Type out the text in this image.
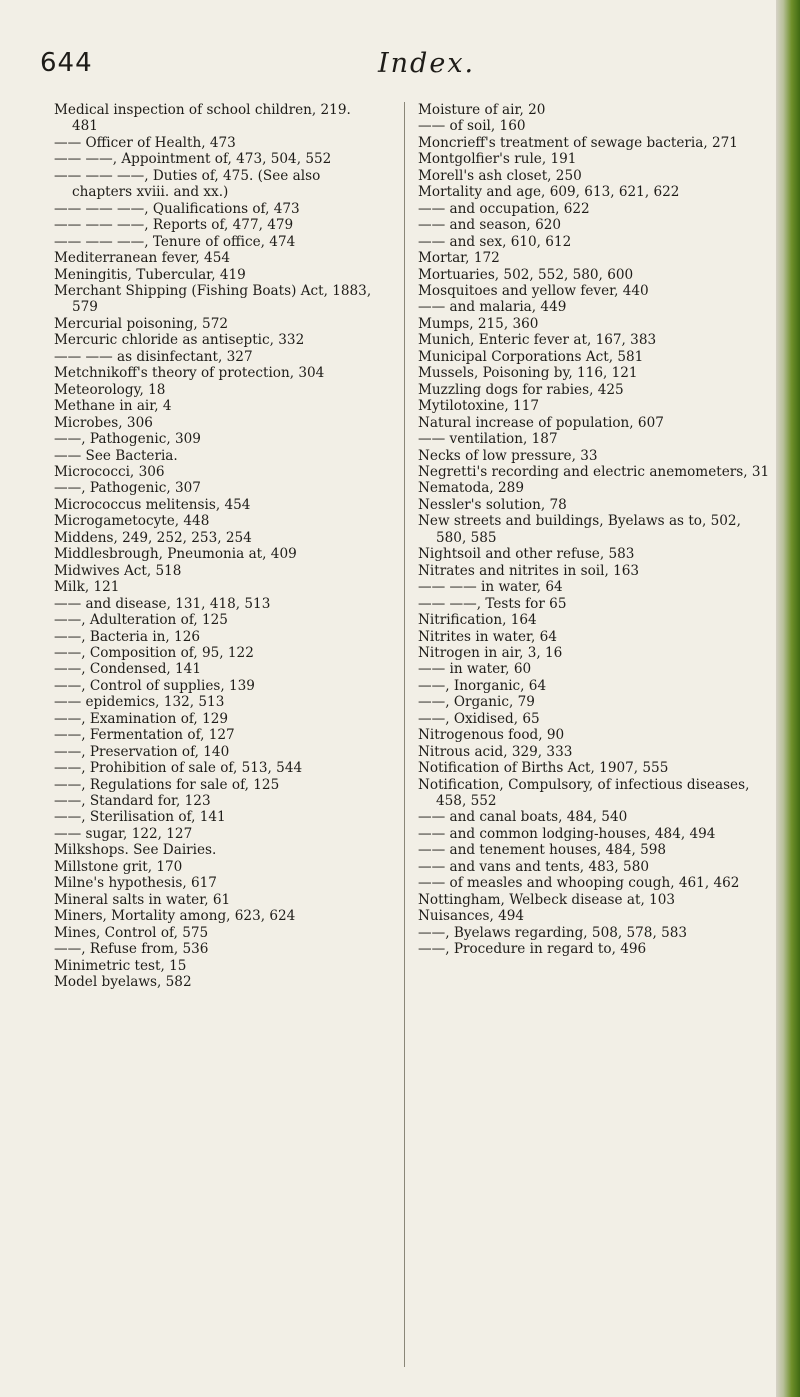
644	Index.

Medical inspection of school children, 219. 481

—— Officer of Health, 473

—— ——, Appointment of, 473, 504, 552

—— —— ——, Duties of, 475. (See also chapters xviii. and xx.)

—— —— ——, Qualifications of, 473

—— —— ——, Reports of, 477, 479

—— —— ——, Tenure of office, 474

Mediterranean fever, 454

Meningitis, Tubercular, 419

Merchant Shipping (Fishing Boats) Act, 1883, 579

Mercurial poisoning, 572

Mercuric chloride as antiseptic, 332

—— —— as disinfectant, 327

Metchnikoff's theory of protection, 304

Meteorology, 18

Methane in air, 4

Microbes, 306

——, Pathogenic, 309

—— See Bacteria.

Micrococci, 306

——, Pathogenic, 307

Micrococcus melitensis, 454

Microgametocyte, 448

Middens, 249, 252, 253, 254

Middlesbrough, Pneumonia at, 409

Midwives Act, 518

Milk, 121

—— and disease, 131, 418, 513

——, Adulteration of, 125

——, Bacteria in, 126

——, Composition of, 95, 122

——, Condensed, 141

——, Control of supplies, 139

—— epidemics, 132, 513

——, Examination of, 129

——, Fermentation of, 127

——, Preservation of, 140

——, Prohibition of sale of, 513, 544

——, Regulations for sale of, 125

——, Standard for, 123

——, Sterilisation of, 141

—— sugar, 122, 127

Milkshops. See Dairies.

Millstone grit, 170

Milne's hypothesis, 617

Mineral salts in water, 61

Miners, Mortality among, 623, 624

Mines, Control of, 575

——, Refuse from, 536

Minimetric test, 15

Model byelaws, 582

Moisture of air, 20

—— of soil, 160

Moncrieff's treatment of sewage bacteria, 271

Montgolfier's rule, 191

Morell's ash closet, 250

Mortality and age, 609, 613, 621, 622

—— and occupation, 622

—— and season, 620

—— and sex, 610, 612

Mortar, 172

Mortuaries, 502, 552, 580, 600

Mosquitoes and yellow fever, 440

—— and malaria, 449

Mumps, 215, 360

Munich, Enteric fever at, 167, 383

Municipal Corporations Act, 581

Mussels, Poisoning by, 116, 121

Muzzling dogs for rabies, 425

Mytilotoxine, 117

Natural increase of population, 607

—— ventilation, 187

Necks of low pressure, 33

Negretti's recording and electric anemometers, 31

Nematoda, 289

Nessler's solution, 78

New streets and buildings, Byelaws as to, 502, 580, 585

Nightsoil and other refuse, 583

Nitrates and nitrites in soil, 163

—— —— in water, 64

—— ——, Tests for 65

Nitrification, 164

Nitrites in water, 64

Nitrogen in air, 3, 16

—— in water, 60

——, Inorganic, 64

——, Organic, 79

——, Oxidised, 65

Nitrogenous food, 90

Nitrous acid, 329, 333

Notification of Births Act, 1907, 555

Notification, Compulsory, of infectious diseases, 458, 552

—— and canal boats, 484, 540

—— and common lodging-houses, 484, 494

—— and tenement houses, 484, 598

—— and vans and tents, 483, 580

—— of measles and whooping cough, 461, 462

Nottingham, Welbeck disease at, 103

Nuisances, 494

——, Byelaws regarding, 508, 578, 583

——, Procedure in regard to, 496
